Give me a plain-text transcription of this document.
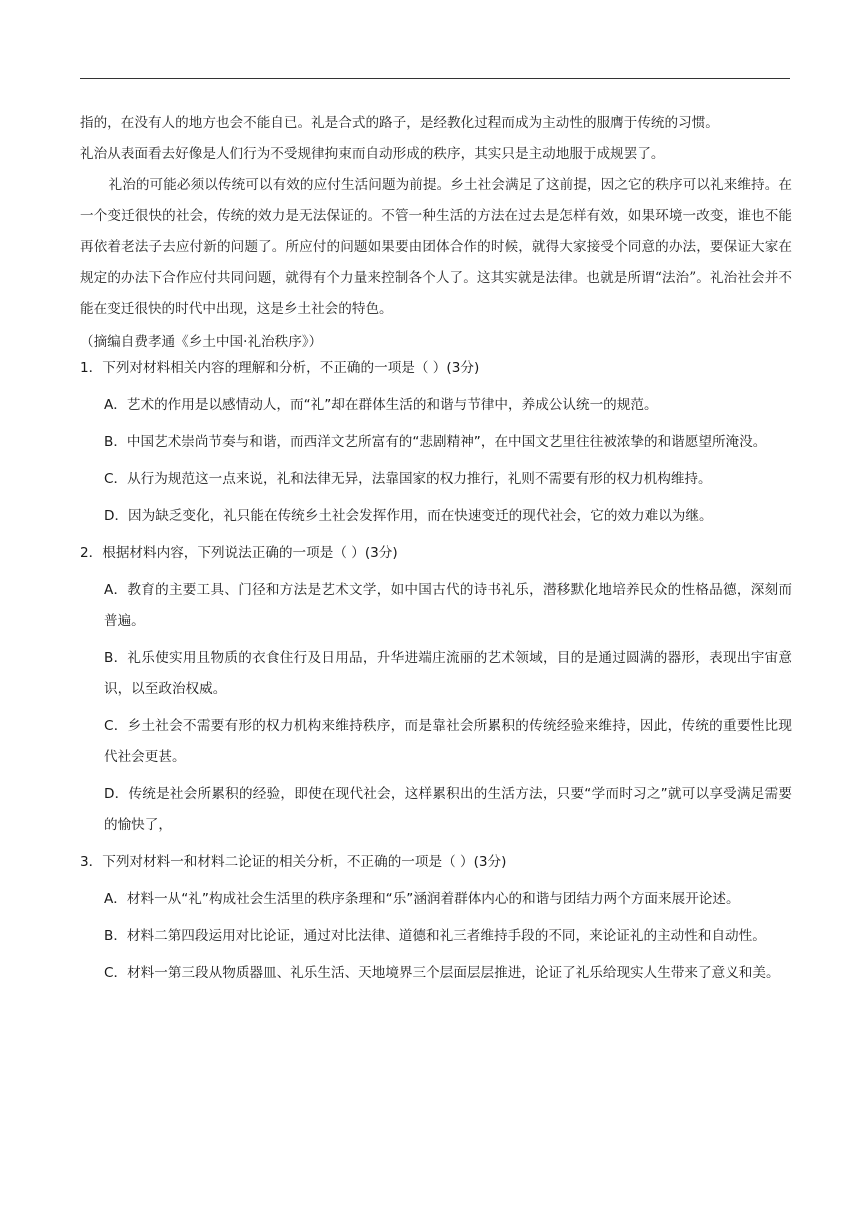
指的，在没有人的地方也会不能自已。礼是合式的路子，是经教化过程而成为主动性的服膺于传统的习惯。

礼治从表面看去好像是人们行为不受规律拘束而自动形成的秩序，其实只是主动地服于成规罢了。

礼治的可能必须以传统可以有效的应付生活问题为前提。乡土社会满足了这前提，因之它的秩序可以礼来维持。在一个变迁很快的社会，传统的效力是无法保证的。不管一种生活的方法在过去是怎样有效，如果环境一改变，谁也不能再依着老法子去应付新的问题了。所应付的问题如果要由团体合作的时候，就得大家接受个同意的办法，要保证大家在规定的办法下合作应付共同问题，就得有个力量来控制各个人了。这其实就是法律。也就是所谓“法治”。礼治社会并不能在变迁很快的时代中出现，这是乡土社会的特色。

（摘编自费孝通《乡土中国·礼治秩序》）

1．下列对材料相关内容的理解和分析，不正确的一项是（ ）(3分)

A．艺术的作用是以感情动人，而“礼”却在群体生活的和谐与节律中，养成公认统一的规范。

B．中国艺术崇尚节奏与和谐，而西洋文艺所富有的“悲剧精神”，在中国文艺里往往被浓挚的和谐愿望所淹没。

C．从行为规范这一点来说，礼和法律无异，法靠国家的权力推行，礼则不需要有形的权力机构维持。

D．因为缺乏变化，礼只能在传统乡土社会发挥作用，而在快速变迁的现代社会，它的效力难以为继。

2．根据材料内容，下列说法正确的一项是（ ）(3分)

A．教育的主要工具、门径和方法是艺术文学，如中国古代的诗书礼乐，潜移默化地培养民众的性格品德，深刻而普遍。

B．礼乐使实用且物质的衣食住行及日用品，升华进端庄流丽的艺术领域，目的是通过圆满的器形，表现出宇宙意识，以至政治权威。

C．乡土社会不需要有形的权力机构来维持秩序，而是靠社会所累积的传统经验来维持，因此，传统的重要性比现代社会更甚。

D．传统是社会所累积的经验，即使在现代社会，这样累积出的生活方法，只要“学而时习之”就可以享受满足需要的愉快了，

3．下列对材料一和材料二论证的相关分析，不正确的一项是（ ）(3分)

A．材料一从“礼”构成社会生活里的秩序条理和“乐”涵润着群体内心的和谐与团结力两个方面来展开论述。

B．材料二第四段运用对比论证，通过对比法律、道德和礼三者维持手段的不同，来论证礼的主动性和自动性。

C．材料一第三段从物质器皿、礼乐生活、天地境界三个层面层层推进，论证了礼乐给现实人生带来了意义和美。
